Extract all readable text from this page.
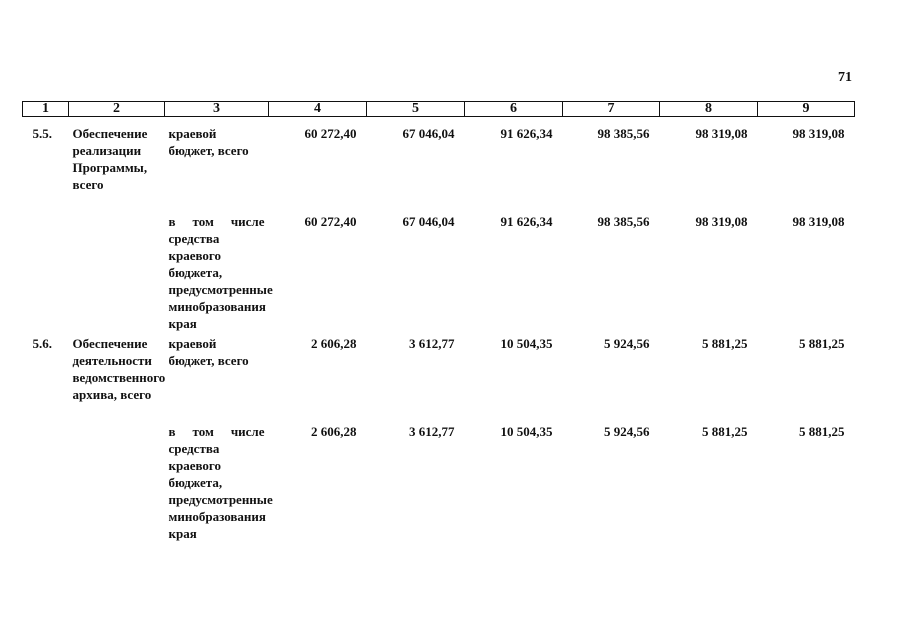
71
1	2	3	4	5	6	7	8	9
5.5.	Обеспечение реализации Программы, всего	краевой бюджет, всего	60 272,40	67 046,04	91 626,34	98 385,56	98 319,08	98 319,08
		в том числе средства краевого бюджета, предусмотренные минобразования края	60 272,40	67 046,04	91 626,34	98 385,56	98 319,08	98 319,08
5.6.	Обеспечение деятельности ведомственного архива, всего	краевой бюджет, всего	2 606,28	3 612,77	10 504,35	5 924,56	5 881,25	5 881,25
		в том числе средства краевого бюджета, предусмотренные минобразования края	2 606,28	3 612,77	10 504,35	5 924,56	5 881,25	5 881,25
